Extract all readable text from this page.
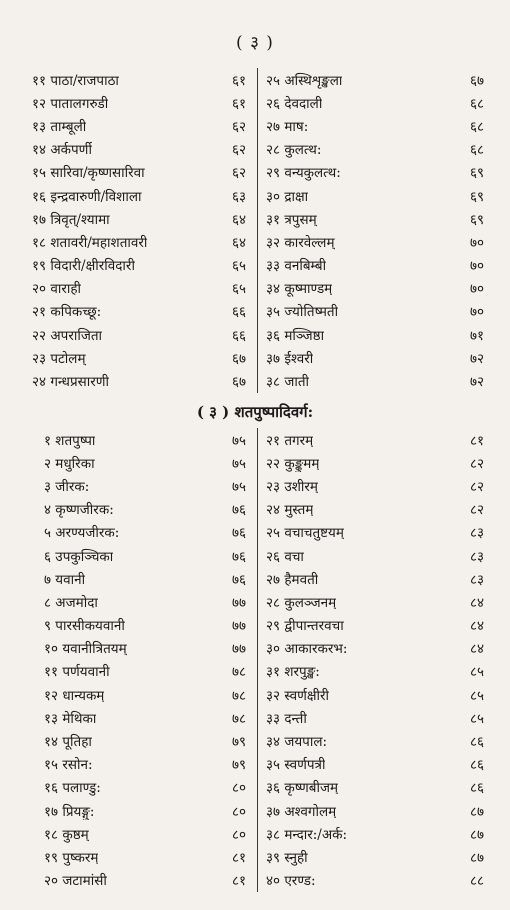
( ३ )
११ पाठा/राजपाठा	६१
१२ पातालगरुडी	६१
१३ ताम्बूली	६२
१४ अर्कपर्णी	६२
१५ सारिवा/कृष्णसारिवा	६२
१६ इन्द्रवारुणी/विशाला	६३
१७ त्रिवृत्/श्यामा	६४
१८ शतावरी/महाशतावरी	६४
१९ विदारी/क्षीरविदारी	६५
२० वाराही	६५
२१ कपिकच्छू:	६६
२२ अपराजिता	६६
२३ पटोलम्	६७
२४ गन्धप्रसारणी	६७
२५ अस्थिशृङ्खला	६७
२६ देवदाली	६८
२७ माष:	६८
२८ कुलत्थ:	६८
२९ वन्यकुलत्थ:	६९
३० द्राक्षा	६९
३१ त्रपुसम्	६९
३२ कारवेल्लम्	७०
३३ वनबिम्बी	७०
३४ कूष्माण्डम्	७०
३५ ज्योतिष्मती	७०
३६ मञ्जिष्ठा	७१
३७ ईश्वरी	७२
३८ जाती	७२
( ३ ) शतपुष्पादिवर्ग:
१ शतपुष्पा	७५
२ मधुरिका	७५
३ जीरक:	७५
४ कृष्णजीरक:	७६
५ अरण्यजीरक:	७६
६ उपकुञ्चिका	७६
७ यवानी	७६
८ अजमोदा	७७
९ पारसीकयवानी	७७
१० यवानीत्रितयम्	७७
११ पर्णयवानी	७८
१२ धान्यकम्	७८
१३ मेथिका	७८
१४ पूतिहा	७९
१५ रसोन:	७९
१६ पलाण्डु:	८०
१७ प्रियङ्गु:	८०
१८ कुष्ठम्	८०
१९ पुष्करम्	८१
२० जटामांसी	८१
२१ तगरम्	८१
२२ कुङ्कुमम्	८२
२३ उशीरम्	८२
२४ मुस्तम्	८२
२५ वचाचतुष्टयम्	८३
२६ वचा	८३
२७ हैमवती	८३
२८ कुलञ्जनम्	८४
२९ द्वीपान्तरवचा	८४
३० आकारकरभ:	८४
३१ शरपुङ्ख:	८५
३२ स्वर्णक्षीरी	८५
३३ दन्ती	८५
३४ जयपाल:	८६
३५ स्वर्णपत्री	८६
३६ कृष्णबीजम्	८६
३७ अश्वगोलम्	८७
३८ मन्दार:/अर्क:	८७
३९ स्नुही	८७
४० एरण्ड:	८८
